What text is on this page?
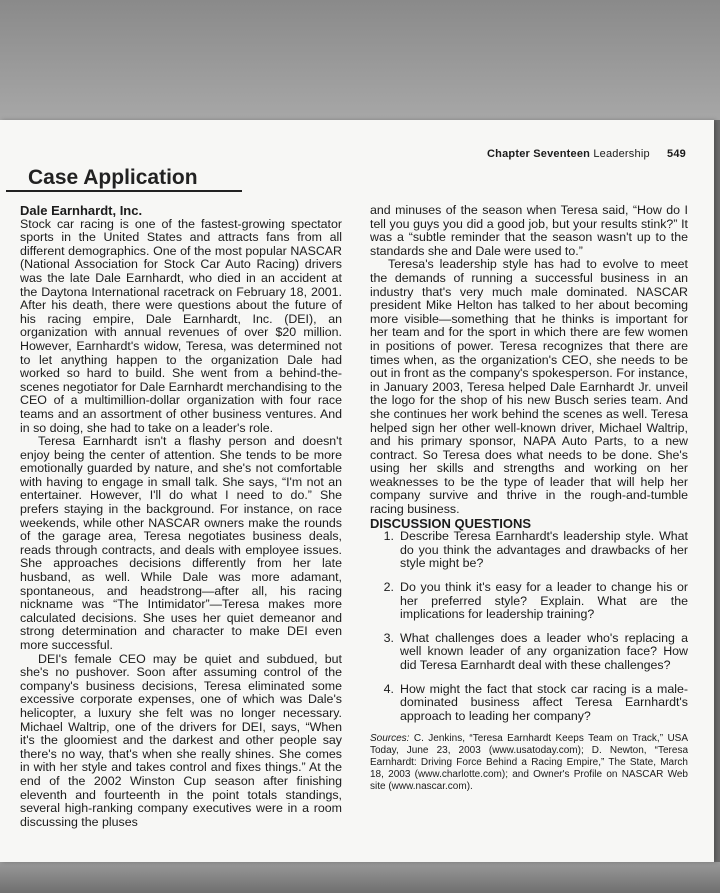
Chapter Seventeen Leadership 549
Case Application

Dale Earnhardt, Inc.

Stock car racing is one of the fastest-growing spectator sports in the United States and attracts fans from all different demographics. One of the most popular NASCAR (National Association for Stock Car Auto Racing) drivers was the late Dale Earnhardt, who died in an accident at the Daytona International racetrack on February 18, 2001. After his death, there were questions about the future of his racing empire, Dale Earnhardt, Inc. (DEI), an organization with annual revenues of over $20 million. However, Earnhardt's widow, Teresa, was determined not to let anything happen to the organization Dale had worked so hard to build. She went from a behind-the-scenes negotiator for Dale Earnhardt merchandising to the CEO of a multimillion-dollar organization with four race teams and an assortment of other business ventures. And in so doing, she had to take on a leader's role.

Teresa Earnhardt isn't a flashy person and doesn't enjoy being the center of attention. She tends to be more emotionally guarded by nature, and she's not comfortable with having to engage in small talk. She says, “I'm not an entertainer. However, I'll do what I need to do.” She prefers staying in the background. For instance, on race weekends, while other NASCAR owners make the rounds of the garage area, Teresa negotiates business deals, reads through contracts, and deals with employee issues. She approaches decisions differently from her late husband, as well. While Dale was more adamant, spontaneous, and headstrong—after all, his racing nickname was “The Intimidator”—Teresa makes more calculated decisions. She uses her quiet demeanor and strong determination and character to make DEI even more successful.

DEI's female CEO may be quiet and subdued, but she's no pushover. Soon after assuming control of the company's business decisions, Teresa eliminated some excessive corporate expenses, one of which was Dale's helicopter, a luxury she felt was no longer necessary. Michael Waltrip, one of the drivers for DEI, says, “When it's the gloomiest and the darkest and other people say there's no way, that's when she really shines. She comes in with her style and takes control and fixes things.” At the end of the 2002 Winston Cup season after finishing eleventh and fourteenth in the point totals standings, several high-ranking company executives were in a room discussing the pluses

and minuses of the season when Teresa said, “How do I tell you guys you did a good job, but your results stink?” It was a “subtle reminder that the season wasn't up to the standards she and Dale were used to.”

Teresa's leadership style has had to evolve to meet the demands of running a successful business in an industry that's very much male dominated. NASCAR president Mike Helton has talked to her about becoming more visible—something that he thinks is important for her team and for the sport in which there are few women in positions of power. Teresa recognizes that there are times when, as the organization's CEO, she needs to be out in front as the company's spokesperson. For instance, in January 2003, Teresa helped Dale Earnhardt Jr. unveil the logo for the shop of his new Busch series team. And she continues her work behind the scenes as well. Teresa helped sign her other well-known driver, Michael Waltrip, and his primary sponsor, NAPA Auto Parts, to a new contract. So Teresa does what needs to be done. She's using her skills and strengths and working on her weaknesses to be the type of leader that will help her company survive and thrive in the rough-and-tumble racing business.

DISCUSSION QUESTIONS

1. Describe Teresa Earnhardt's leadership style. What do you think the advantages and drawbacks of her style might be?
2. Do you think it's easy for a leader to change his or her preferred style? Explain. What are the implications for leadership training?
3. What challenges does a leader who's replacing a well known leader of any organization face? How did Teresa Earnhardt deal with these challenges?
4. How might the fact that stock car racing is a male-dominated business affect Teresa Earnhardt's approach to leading her company?

Sources: C. Jenkins, “Teresa Earnhardt Keeps Team on Track,” USA Today, June 23, 2003 (www.usatoday.com); D. Newton, “Teresa Earnhardt: Driving Force Behind a Racing Empire,” The State, March 18, 2003 (www.charlotte.com); and Owner's Profile on NASCAR Web site (www.nascar.com).
